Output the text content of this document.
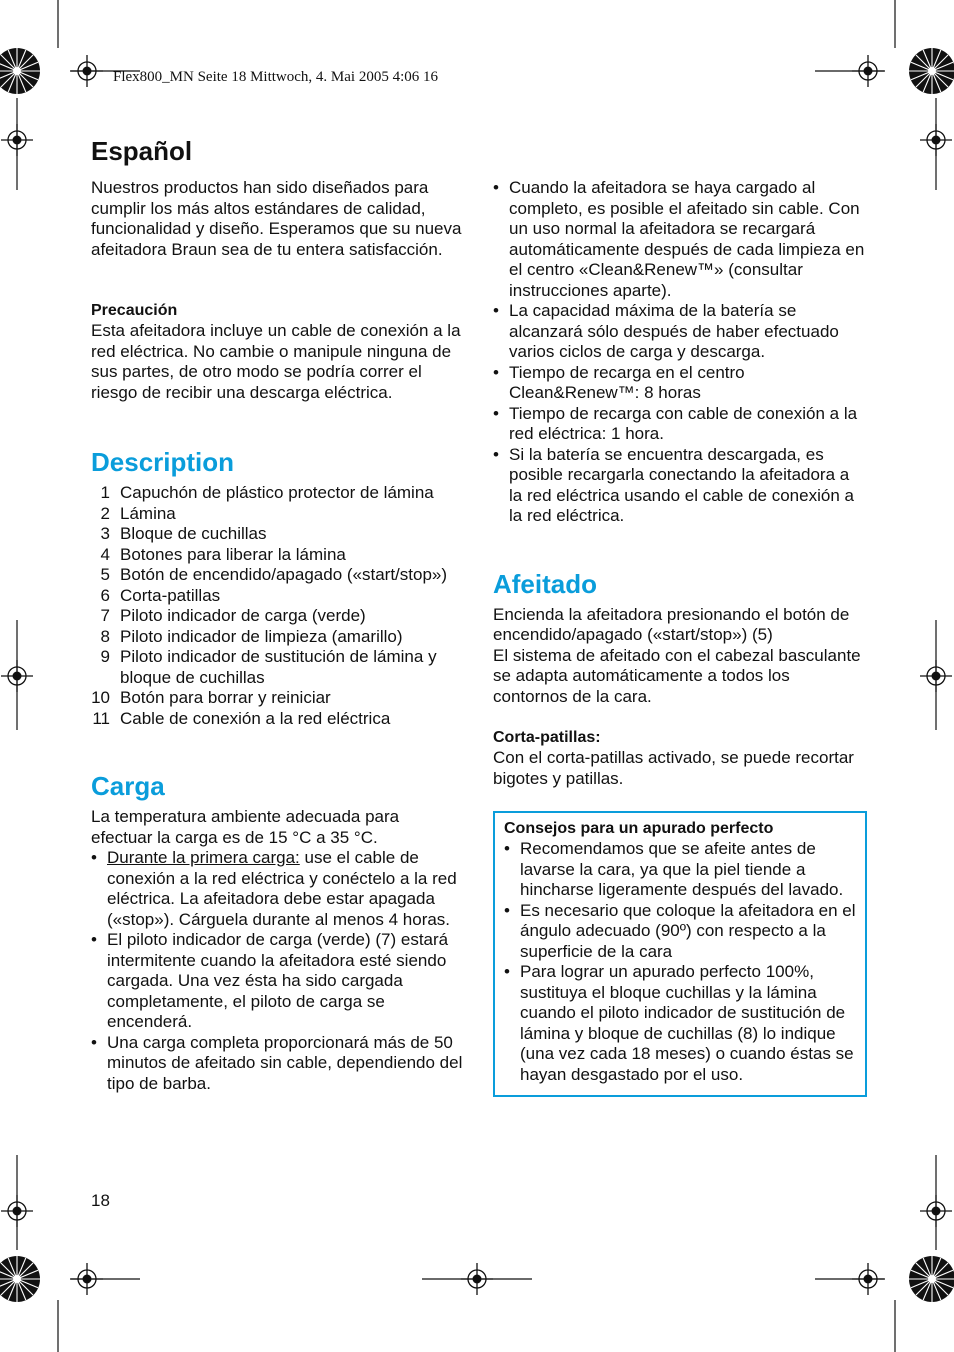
Flex800_MN Seite 18 Mittwoch, 4. Mai 2005 4:06 16
Español
Nuestros productos han sido diseñados para cumplir los más altos estándares de calidad, funcionalidad y diseño. Esperamos que su nueva afeitadora Braun sea de tu entera satisfacción.
Precaución
Esta afeitadora incluye un cable de conexión a la red eléctrica. No cambie o manipule ninguna de sus partes, de otro modo se podría correr el riesgo de recibir una descarga eléctrica.
Description
1 Capuchón de plástico protector de lámina
2 Lámina
3 Bloque de cuchillas
4 Botones para liberar la lámina
5 Botón de encendido/apagado («start/stop»)
6 Corta-patillas
7 Piloto indicador de carga (verde)
8 Piloto indicador de limpieza (amarillo)
9 Piloto indicador de sustitución de lámina y bloque de cuchillas
10 Botón para borrar y reiniciar
11 Cable de conexión a la red eléctrica
Carga
La temperatura ambiente adecuada para efectuar la carga es de 15 °C a 35 °C.
• Durante la primera carga: use el cable de conexión a la red eléctrica y conéctelo a la red eléctrica. La afeitadora debe estar apagada («stop»). Cárguela durante al menos 4 horas.
• El piloto indicador de carga (verde) (7) estará intermitente cuando la afeitadora esté siendo cargada. Una vez ésta ha sido cargada completamente, el piloto de carga se encenderá.
• Una carga completa proporcionará más de 50 minutos de afeitado sin cable, dependiendo del tipo de barba.
18
• Cuando la afeitadora se haya cargado al completo, es posible el afeitado sin cable. Con un uso normal la afeitadora se recargará automáticamente después de cada limpieza en el centro «Clean&Renew™» (consultar instrucciones aparte).
• La capacidad máxima de la batería se alcanzará sólo después de haber efectuado varios ciclos de carga y descarga.
• Tiempo de recarga en el centro Clean&Renew™: 8 horas
• Tiempo de recarga con cable de conexión a la red eléctrica: 1 hora.
• Si la batería se encuentra descargada, es posible recargarla conectando la afeitadora a la red eléctrica usando el cable de conexión a la red eléctrica.
Afeitado
Encienda la afeitadora presionando el botón de encendido/apagado («start/stop») (5)
El sistema de afeitado con el cabezal basculante se adapta automáticamente a todos los contornos de la cara.
Corta-patillas:
Con el corta-patillas activado, se puede recortar bigotes y patillas.
Consejos para un apurado perfecto
• Recomendamos que se afeite antes de lavarse la cara, ya que la piel tiende a hincharse ligeramente después del lavado.
• Es necesario que coloque la afeitadora en el ángulo adecuado (90º) con respecto a la superficie de la cara
• Para lograr un apurado perfecto 100%, sustituya el bloque cuchillas y la lámina cuando el piloto indicador de sustitución de lámina y bloque de cuchillas (8) lo indique (una vez cada 18 meses) o cuando éstas se hayan desgastado por el uso.
